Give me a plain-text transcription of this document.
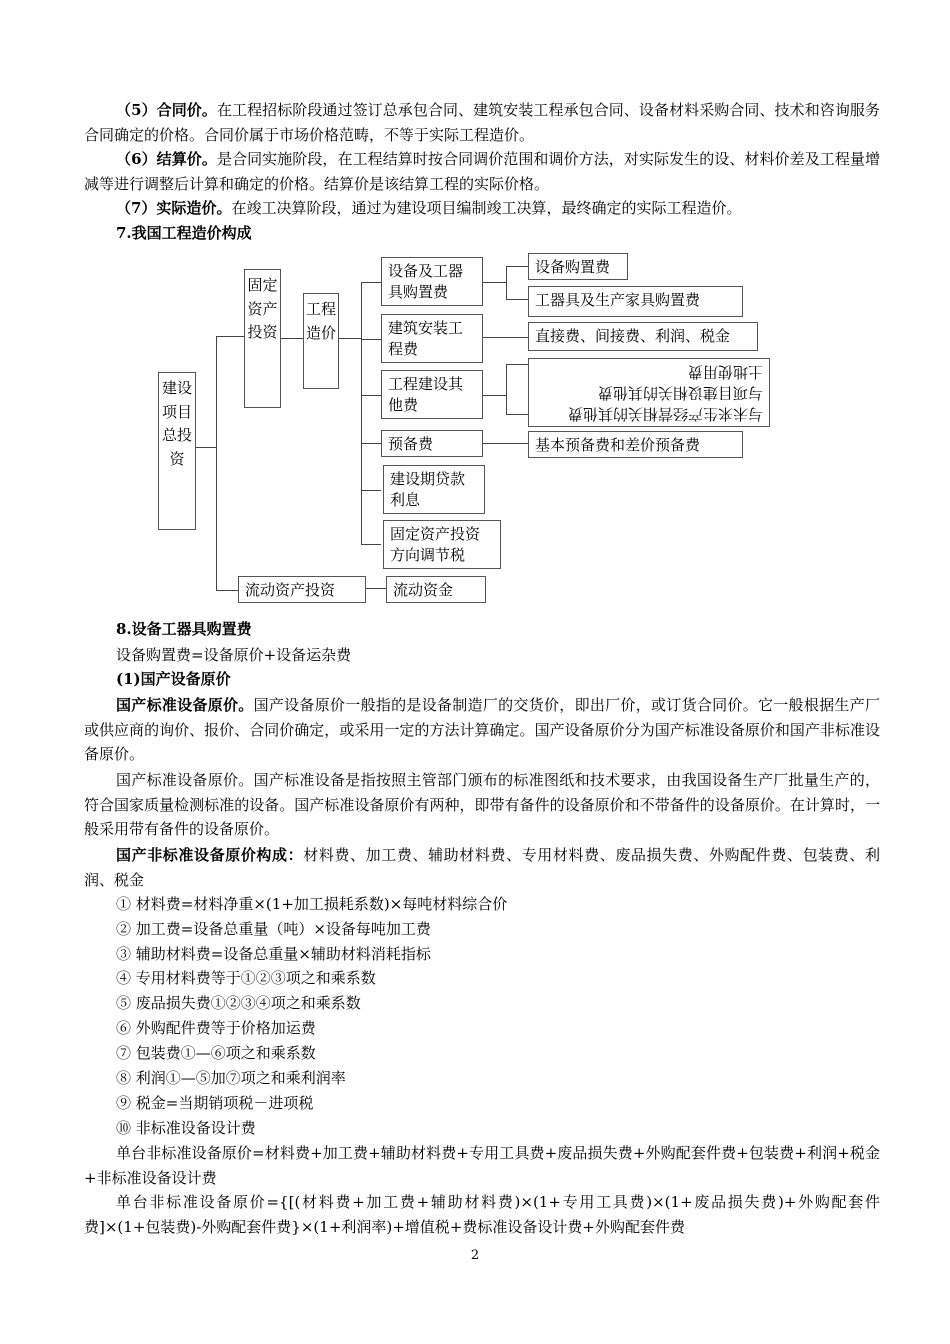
（5）合同价。在工程招标阶段通过签订总承包合同、建筑安装工程承包合同、设备材料采购合同、技术和咨询服务合同确定的价格。合同价属于市场价格范畴，不等于实际工程造价。
（6）结算价。是合同实施阶段，在工程结算时按合同调价范围和调价方法，对实际发生的设、材料价差及工程量增减等进行调整后计算和确定的价格。结算价是该结算工程的实际价格。
（7）实际造价。在竣工决算阶段，通过为建设项目编制竣工决算，最终确定的实际工程造价。
7.我国工程造价构成
建设项目总投资
固定资产投资
工程造价
设备及工器具购置费
设备购置费
工器具及生产家具购置费
建筑安装工程费
直接费、间接费、利润、税金
工程建设其他费	与未来生产经营相关的其他费
与项目建设相关的其他费
土地使用费
预备费	基本预备费和差价预备费
建设期贷款利息
固定资产投资方向调节税
流动资产投资	流动资金
8.设备工器具购置费
设备购置费=设备原价+设备运杂费
(1)国产设备原价
国产标准设备原价。国产设备原价一般指的是设备制造厂的交货价，即出厂价，或订货合同价。它一般根据生产厂或供应商的询价、报价、合同价确定，或采用一定的方法计算确定。国产设备原价分为国产标准设备原价和国产非标准设备原价。
国产标准设备原价。国产标准设备是指按照主管部门颁布的标准图纸和技术要求，由我国设备生产厂批量生产的，符合国家质量检测标准的设备。国产标准设备原价有两种，即带有备件的设备原价和不带备件的设备原价。在计算时，一般采用带有备件的设备原价。
国产非标准设备原价构成：材料费、加工费、辅助材料费、专用材料费、废品损失费、外购配件费、包装费、利润、税金
① 材料费=材料净重×(1+加工损耗系数)×每吨材料综合价
② 加工费=设备总重量（吨）×设备每吨加工费
③ 辅助材料费=设备总重量×辅助材料消耗指标
④ 专用材料费等于①②③项之和乘系数
⑤ 废品损失费①②③④项之和乘系数
⑥ 外购配件费等于价格加运费
⑦ 包装费①—⑥项之和乘系数
⑧ 利润①—⑤加⑦项之和乘利润率
⑨ 税金=当期销项税－进项税
⑩ 非标准设备设计费
单台非标准设备原价=材料费+加工费+辅助材料费+专用工具费+废品损失费+外购配套件费+包装费+利润+税金+非标准设备设计费
单台非标准设备原价={[(材料费+加工费+辅助材料费)×(1+专用工具费)×(1+废品损失费)+外购配套件费]×(1+包装费)-外购配套件费}×(1+利润率)+增值税+费标准设备设计费+外购配套件费
2
